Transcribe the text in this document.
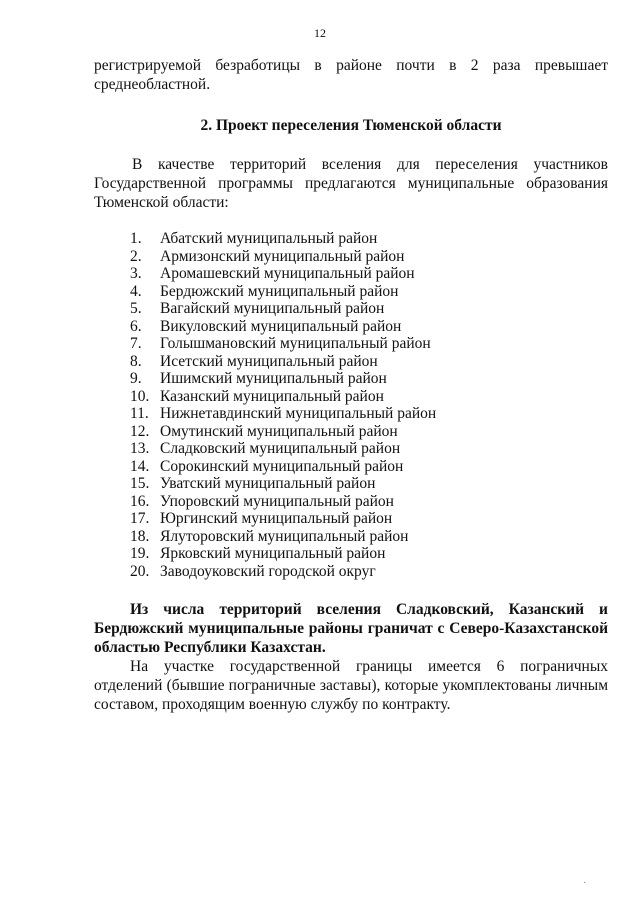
12

регистрируемой безработицы в районе почти в 2 раза превышает среднеобластной.

2. Проект переселения Тюменской области

В качестве территорий вселения для переселения участников Государственной программы предлагаются муниципальные образования Тюменской области:

1.	Абатский муниципальный район
2.	Армизонский муниципальный район
3.	Аромашевский муниципальный район
4.	Бердюжский муниципальный район
5.	Вагайский муниципальный район
6.	Викуловский муниципальный район
7.	Голышмановский муниципальный район
8.	Исетский муниципальный район
9.	Ишимский муниципальный район
10. Казанский муниципальный район
11. Нижнетавдинский муниципальный район
12. Омутинский муниципальный район
13. Сладковский муниципальный район
14. Сорокинский муниципальный район
15. Уватский муниципальный район
16. Упоровский муниципальный район
17. Юргинский муниципальный район
18. Ялуторовский муниципальный район
19. Ярковский муниципальный район
20. Заводоуковский городской округ

Из числа территорий вселения Сладковский, Казанский и Бердюжский муниципальные районы граничат с Северо-Казахстанской областью Республики Казахстан.

На участке государственной границы имеется 6 пограничных отделений (бывшие пограничные заставы), которые укомплектованы личным составом, проходящим военную службу по контракту.

·
